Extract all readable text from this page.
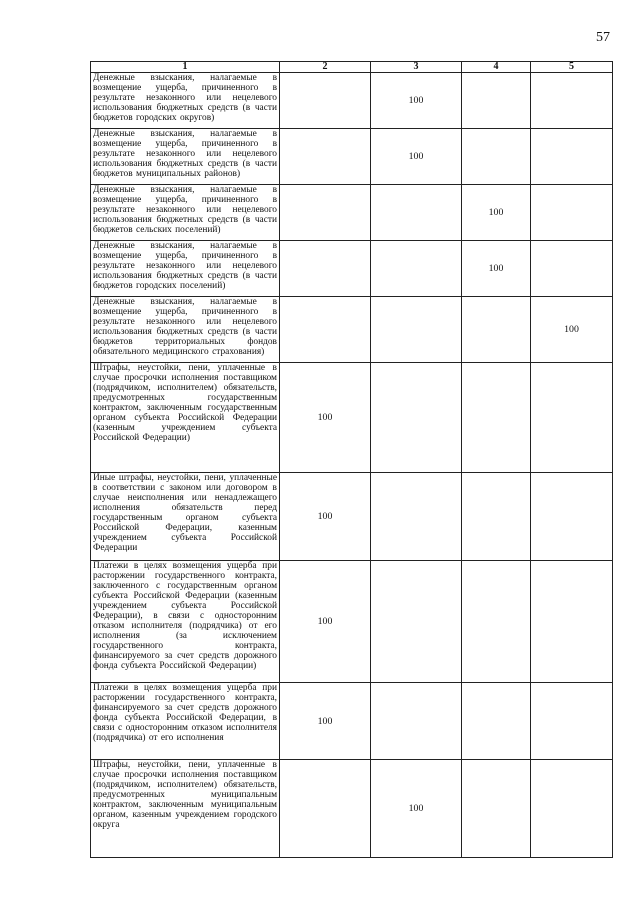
57
1	2	3	4	5
Денежные взыскания, налагаемые в возмещение ущерба, причиненного в результате незаконного или нецелевого использования бюджетных средств (в части бюджетов городских округов)		100		
Денежные взыскания, налагаемые в возмещение ущерба, причиненного в результате незаконного или нецелевого использования бюджетных средств (в части бюджетов муниципальных районов)		100		
Денежные взыскания, налагаемые в возмещение ущерба, причиненного в результате незаконного или нецелевого использования бюджетных средств (в части бюджетов сельских поселений)			100	
Денежные взыскания, налагаемые в возмещение ущерба, причиненного в результате незаконного или нецелевого использования бюджетных средств (в части бюджетов городских поселений)			100	
Денежные взыскания, налагаемые в возмещение ущерба, причиненного в результате незаконного или нецелевого использования бюджетных средств (в части бюджетов территориальных фондов обязательного медицинского страхования)				100
Штрафы, неустойки, пени, уплаченные в случае просрочки исполнения поставщиком (подрядчиком, исполнителем) обязательств, предусмотренных государственным контрактом, заключенным государственным органом субъекта Российской Федерации (казенным учреждением субъекта Российской Федерации)	100			
Иные штрафы, неустойки, пени, уплаченные в соответствии с законом или договором в случае неисполнения или ненадлежащего исполнения обязательств перед государственным органом субъекта Российской Федерации, казенным учреждением субъекта Российской Федерации	100			
Платежи в целях возмещения ущерба при расторжении государственного контракта, заключенного с государственным органом субъекта Российской Федерации (казенным учреждением субъекта Российской Федерации), в связи с односторонним отказом исполнителя (подрядчика) от его исполнения (за исключением государственного контракта, финансируемого за счет средств дорожного фонда субъекта Российской Федерации)	100			
Платежи в целях возмещения ущерба при расторжении государственного контракта, финансируемого за счет средств дорожного фонда субъекта Российской Федерации, в связи с односторонним отказом исполнителя (подрядчика) от его исполнения	100			
Штрафы, неустойки, пени, уплаченные в случае просрочки исполнения поставщиком (подрядчиком, исполнителем) обязательств, предусмотренных муниципальным контрактом, заключенным муниципальным органом, казенным учреждением городского округа		100		
